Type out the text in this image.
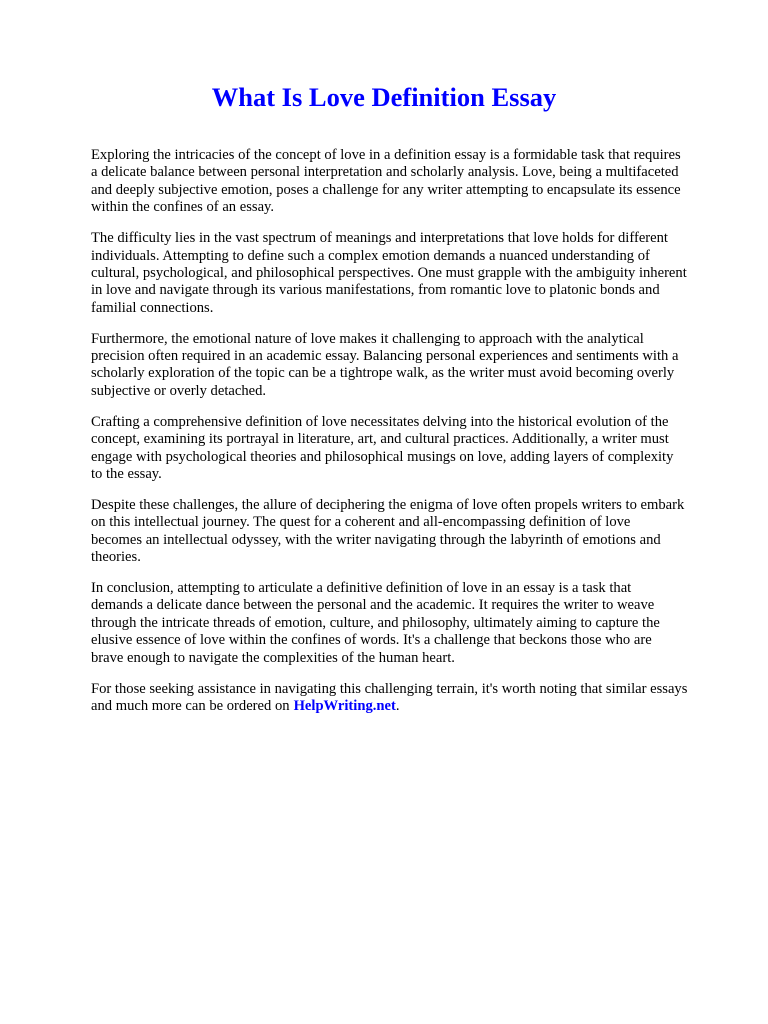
What Is Love Definition Essay

Exploring the intricacies of the concept of love in a definition essay is a formidable task that requires
a delicate balance between personal interpretation and scholarly analysis. Love, being a multifaceted
and deeply subjective emotion, poses a challenge for any writer attempting to encapsulate its essence
within the confines of an essay.

The difficulty lies in the vast spectrum of meanings and interpretations that love holds for different
individuals. Attempting to define such a complex emotion demands a nuanced understanding of
cultural, psychological, and philosophical perspectives. One must grapple with the ambiguity inherent
in love and navigate through its various manifestations, from romantic love to platonic bonds and
familial connections.

Furthermore, the emotional nature of love makes it challenging to approach with the analytical
precision often required in an academic essay. Balancing personal experiences and sentiments with a
scholarly exploration of the topic can be a tightrope walk, as the writer must avoid becoming overly
subjective or overly detached.

Crafting a comprehensive definition of love necessitates delving into the historical evolution of the
concept, examining its portrayal in literature, art, and cultural practices. Additionally, a writer must
engage with psychological theories and philosophical musings on love, adding layers of complexity
to the essay.

Despite these challenges, the allure of deciphering the enigma of love often propels writers to embark
on this intellectual journey. The quest for a coherent and all-encompassing definition of love
becomes an intellectual odyssey, with the writer navigating through the labyrinth of emotions and
theories.

In conclusion, attempting to articulate a definitive definition of love in an essay is a task that
demands a delicate dance between the personal and the academic. It requires the writer to weave
through the intricate threads of emotion, culture, and philosophy, ultimately aiming to capture the
elusive essence of love within the confines of words. It's a challenge that beckons those who are
brave enough to navigate the complexities of the human heart.

For those seeking assistance in navigating this challenging terrain, it's worth noting that similar essays
and much more can be ordered on HelpWriting.net.
